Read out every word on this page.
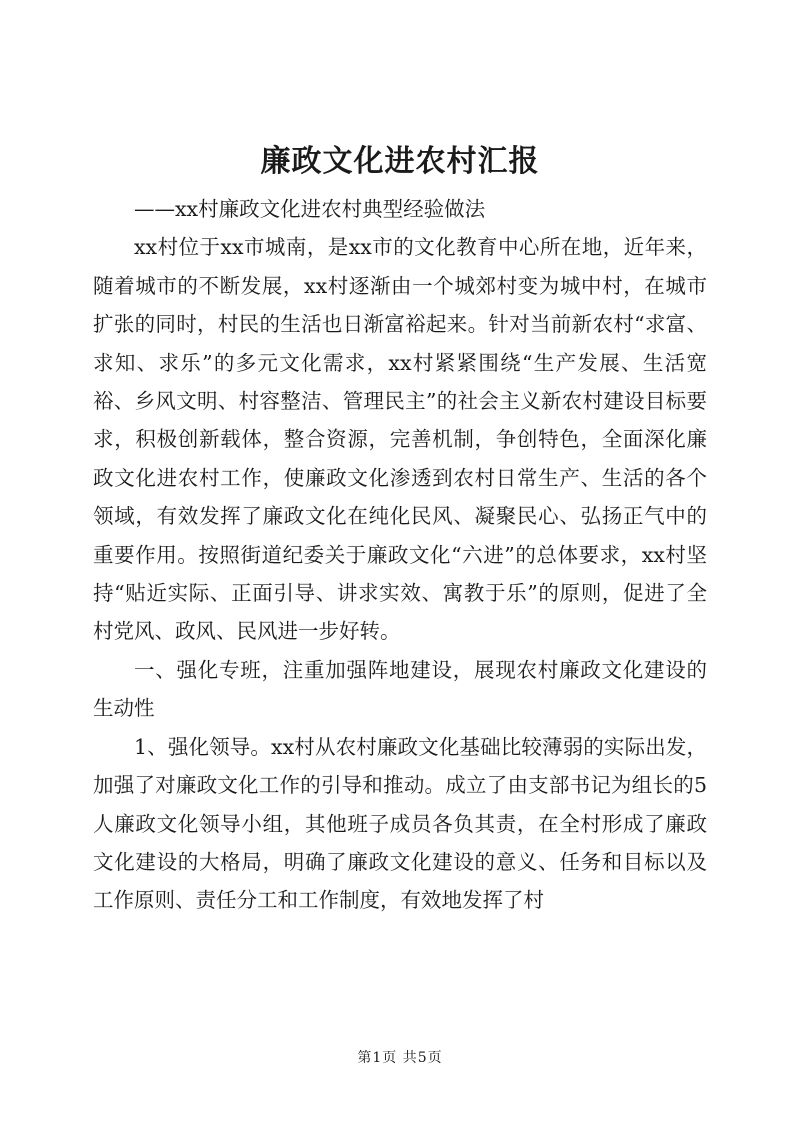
廉政文化进农村汇报

——xx村廉政文化进农村典型经验做法

xx村位于xx市城南，是xx市的文化教育中心所在地，近年来，随着城市的不断发展，xx村逐渐由一个城郊村变为城中村，在城市扩张的同时，村民的生活也日渐富裕起来。针对当前新农村“求富、求知、求乐”的多元文化需求，xx村紧紧围绕“生产发展、生活宽裕、乡风文明、村容整洁、管理民主”的社会主义新农村建设目标要求，积极创新载体，整合资源，完善机制，争创特色，全面深化廉政文化进农村工作，使廉政文化渗透到农村日常生产、生活的各个领域，有效发挥了廉政文化在纯化民风、凝聚民心、弘扬正气中的重要作用。按照街道纪委关于廉政文化“六进”的总体要求，xx村坚持“贴近实际、正面引导、讲求实效、寓教于乐”的原则，促进了全村党风、政风、民风进一步好转。

一、强化专班，注重加强阵地建设，展现农村廉政文化建设的生动性

1、强化领导。xx村从农村廉政文化基础比较薄弱的实际出发，加强了对廉政文化工作的引导和推动。成立了由支部书记为组长的5人廉政文化领导小组，其他班子成员各负其责，在全村形成了廉政文化建设的大格局，明确了廉政文化建设的意义、任务和目标以及工作原则、责任分工和工作制度，有效地发挥了村

第1页 共5页
